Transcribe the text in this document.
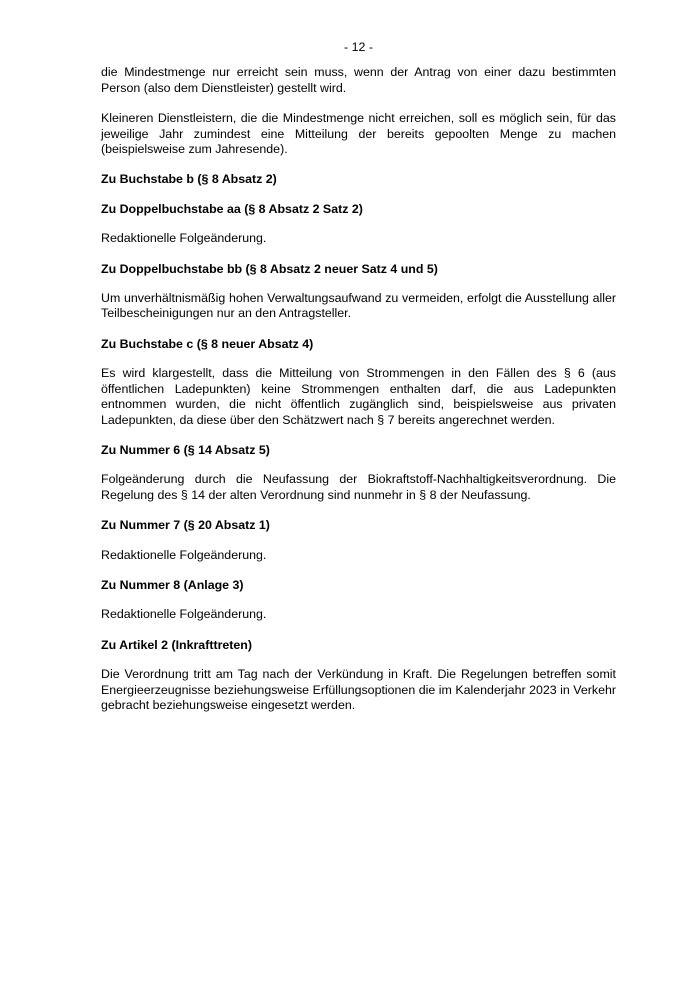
- 12 -

die Mindestmenge nur erreicht sein muss, wenn der Antrag von einer dazu bestimmten Person (also dem Dienstleister) gestellt wird.

Kleineren Dienstleistern, die die Mindestmenge nicht erreichen, soll es möglich sein, für das jeweilige Jahr zumindest eine Mitteilung der bereits gepoolten Menge zu machen (beispielsweise zum Jahresende).

Zu Buchstabe b (§ 8 Absatz 2)

Zu Doppelbuchstabe aa (§ 8 Absatz 2 Satz 2)

Redaktionelle Folgeänderung.

Zu Doppelbuchstabe bb (§ 8 Absatz 2 neuer Satz 4 und 5)

Um unverhältnismäßig hohen Verwaltungsaufwand zu vermeiden, erfolgt die Ausstellung aller Teilbescheinigungen nur an den Antragsteller.

Zu Buchstabe c (§ 8 neuer Absatz 4)

Es wird klargestellt, dass die Mitteilung von Strommengen in den Fällen des § 6 (aus öffentlichen Ladepunkten) keine Strommengen enthalten darf, die aus Ladepunkten entnommen wurden, die nicht öffentlich zugänglich sind, beispielsweise aus privaten Ladepunkten, da diese über den Schätzwert nach § 7 bereits angerechnet werden.

Zu Nummer 6 (§ 14 Absatz 5)

Folgeänderung durch die Neufassung der Biokraftstoff-Nachhaltigkeitsverordnung. Die Regelung des § 14 der alten Verordnung sind nunmehr in § 8 der Neufassung.

Zu Nummer 7 (§ 20 Absatz 1)

Redaktionelle Folgeänderung.

Zu Nummer 8 (Anlage 3)

Redaktionelle Folgeänderung.

Zu Artikel 2 (Inkrafttreten)

Die Verordnung tritt am Tag nach der Verkündung in Kraft. Die Regelungen betreffen somit Energieerzeugnisse beziehungsweise Erfüllungsoptionen die im Kalenderjahr 2023 in Verkehr gebracht beziehungsweise eingesetzt werden.
